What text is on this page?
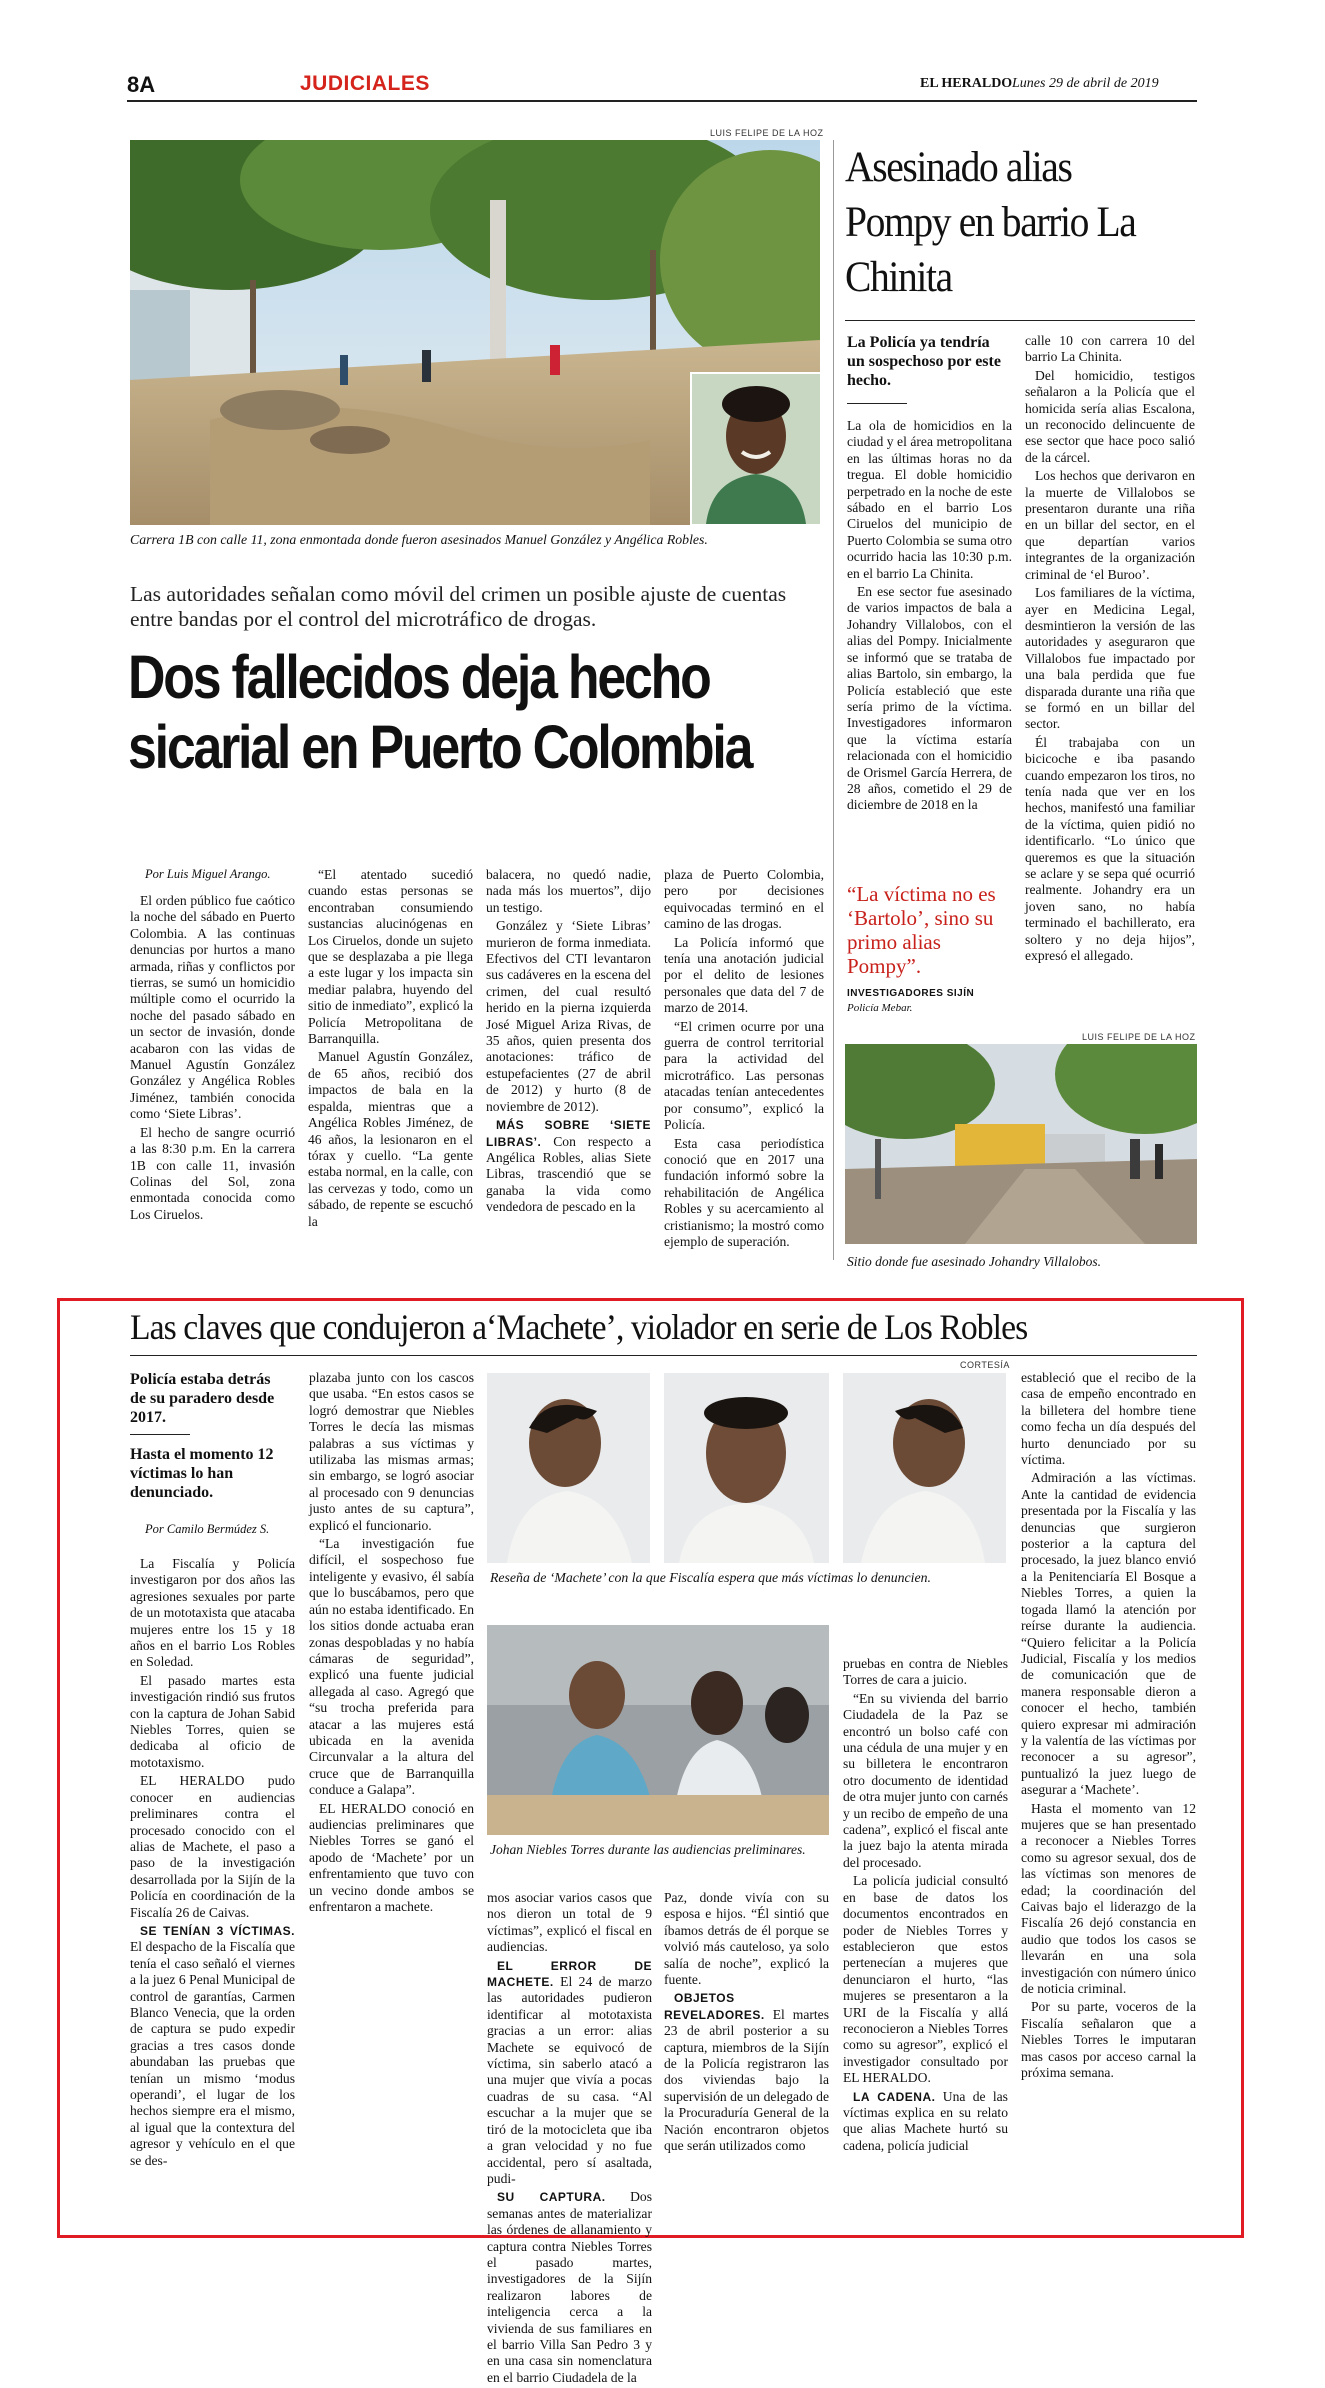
8A	JUDICIALES	EL HERALDO Lunes 29 de abril de 2019
LUIS FELIPE DE LA HOZ
Carrera 1B con calle 11, zona enmontada donde fueron asesinados Manuel González y Angélica Robles.
Las autoridades señalan como móvil del crimen un posible ajuste de cuentas entre bandas por el control del microtráfico de drogas.
Dos fallecidos deja hecho
sicarial en Puerto Colombia
Por Luis Miguel Arango.

El orden público fue caótico la noche del sábado en Puerto Colombia. A las continuas denuncias por hurtos a mano armada, riñas y conflictos por tierras, se sumó un homicidio múltiple como el ocurrido la noche del pasado sábado en un sector de invasión, donde acabaron con las vidas de Manuel Agustín González González y Angélica Robles Jiménez, también conocida como ‘Siete Libras’.

El hecho de sangre ocurrió a las 8:30 p.m. En la carrera 1B con calle 11, invasión Colinas del Sol, zona enmontada conocida como Los Ciruelos.

“El atentado sucedió cuando estas personas se encontraban consumiendo sustancias alucinógenas en Los Ciruelos, donde un sujeto que se desplazaba a pie llega a este lugar y los impacta sin mediar palabra, huyendo del sitio de inmediato”, explicó la Policía Metropolitana de Barranquilla.

Manuel Agustín González, de 65 años, recibió dos impactos de bala en la espalda, mientras que a Angélica Robles Jiménez, de 46 años, la lesionaron en el tórax y cuello. “La gente estaba normal, en la calle, con las cervezas y todo, como un sábado, de repente se escuchó la

balacera, no quedó nadie, nada más los muertos”, dijo un testigo.

González y ‘Siete Libras’ murieron de forma inmediata. Efectivos del CTI levantaron sus cadáveres en la escena del crimen, del cual resultó herido en la pierna izquierda José Miguel Ariza Rivas, de 35 años, quien presenta dos anotaciones: tráfico de estupefacientes (27 de abril de 2012) y hurto (8 de noviembre de 2012).

MÁS SOBRE ‘SIETE LIBRAS’. Con respecto a Angélica Robles, alias Siete Libras, trascendió que se ganaba la vida como vendedora de pescado en la

plaza de Puerto Colombia, pero por decisiones equivocadas terminó en el camino de las drogas.

La Policía informó que tenía una anotación judicial por el delito de lesiones personales que data del 7 de marzo de 2014.

“El crimen ocurre por una guerra de control territorial para la actividad del microtráfico. Las personas atacadas tenían antecedentes por consumo”, explicó la Policía.

Esta casa periodística conoció que en 2017 una fundación informó sobre la rehabilitación de Angélica Robles y su acercamiento al cristianismo; la mostró como ejemplo de superación.

Asesinado alias Pompy en barrio La Chinita
La Policía ya tendría un sospechoso por este hecho.

La ola de homicidios en la ciudad y el área metropolitana en las últimas horas no da tregua. El doble homicidio perpetrado en la noche de este sábado en el barrio Los Ciruelos del municipio de Puerto Colombia se suma otro ocurrido hacia las 10:30 p.m. en el barrio La Chinita.

En ese sector fue asesinado de varios impactos de bala a Johandry Villalobos, con el alias del Pompy. Inicialmente se informó que se trataba de alias Bartolo, sin embargo, la Policía estableció que este sería primo de la víctima. Investigadores informaron que la víctima estaría relacionada con el homicidio de Orismel García Herrera, de 28 años, cometido el 29 de diciembre de 2018 en la

“La víctima no es ‘Bartolo’, sino su primo alias Pompy”.
INVESTIGADORES SIJÍN
Policía Mebar.

calle 10 con carrera 10 del barrio La Chinita.

Del homicidio, testigos señalaron a la Policía que el homicida sería alias Escalona, un reconocido delincuente de ese sector que hace poco salió de la cárcel.

Los hechos que derivaron en la muerte de Villalobos se presentaron durante una riña en un billar del sector, en el que departían varios integrantes de la organización criminal de ‘el Buroo’.

Los familiares de la víctima, ayer en Medicina Legal, desmintieron la versión de las autoridades y aseguraron que Villalobos fue impactado por una bala perdida que fue disparada durante una riña que se formó en un billar del sector.

Él trabajaba con un bicicoche e iba pasando cuando empezaron los tiros, no tenía nada que ver en los hechos, manifestó una familiar de la víctima, quien pidió no identificarlo. “Lo único que queremos es que la situación se aclare y se sepa qué ocurrió realmente. Johandry era un joven sano, no había terminado el bachillerato, era soltero y no deja hijos”, expresó el allegado.

LUIS FELIPE DE LA HOZ
Sitio donde fue asesinado Johandry Villalobos.
Las claves que condujeron a‘Machete’, violador en serie de Los Robles
Policía estaba detrás de su paradero desde 2017.
Hasta el momento 12 víctimas lo han denunciado.
Por Camilo Bermúdez S.

La Fiscalía y Policía investigaron por dos años las agresiones sexuales por parte de un mototaxista que atacaba mujeres entre los 15 y 18 años en el barrio Los Robles en Soledad.

El pasado martes esta investigación rindió sus frutos con la captura de Johan Sabid Niebles Torres, quien se dedicaba al oficio de mototaxismo.

EL HERALDO pudo conocer en audiencias preliminares contra el procesado conocido con el alias de Machete, el paso a paso de la investigación desarrollada por la Sijín de la Policía en coordinación de la Fiscalía 26 de Caivas.

SE TENÍAN 3 VÍCTIMAS. El despacho de la Fiscalía que tenía el caso señaló el viernes a la juez 6 Penal Municipal de control de garantías, Carmen Blanco Venecia, que la orden de captura se pudo expedir gracias a tres casos donde abundaban las pruebas que tenían un mismo ‘modus operandi’, el lugar de los hechos siempre era el mismo, al igual que la contextura del agresor y vehículo en el que se des-

plazaba junto con los cascos que usaba. “En estos casos se logró demostrar que Niebles Torres le decía las mismas palabras a sus víctimas y utilizaba las mismas armas; sin embargo, se logró asociar al procesado con 9 denuncias justo antes de su captura”, explicó el funcionario.

“La investigación fue difícil, el sospechoso fue inteligente y evasivo, él sabía que lo buscábamos, pero que aún no estaba identificado. En los sitios donde actuaba eran zonas despobladas y no había cámaras de seguridad”, explicó una fuente judicial allegada al caso. Agregó que “su trocha preferida para atacar a las mujeres está ubicada en la avenida Circunvalar a la altura del cruce que de Barranquilla conduce a Galapa”.

EL HERALDO conoció en audiencias preliminares que Niebles Torres se ganó el apodo de ‘Machete’ por un enfrentamiento que tuvo con un vecino donde ambos se enfrentaron a machete.

CORTESÍA
Reseña de ‘Machete’ con la que Fiscalía espera que más víctimas lo denuncien.
Johan Niebles Torres durante las audiencias preliminares.

mos asociar varios casos que nos dieron un total de 9 víctimas”, explicó el fiscal en audiencias.

EL ERROR DE MACHETE. El 24 de marzo las autoridades pudieron identificar al mototaxista gracias a un error: alias Machete se equivocó de víctima, sin saberlo atacó a una mujer que vivía a pocas cuadras de su casa. “Al escuchar a la mujer que se tiró de la motocicleta que iba a gran velocidad y no fue accidental, pero sí asaltada, pudi-

SU CAPTURA. Dos semanas antes de materializar las órdenes de allanamiento y captura contra Niebles Torres el pasado martes, investigadores de la Sijín realizaron labores de inteligencia cerca a la vivienda de sus familiares en el barrio Villa San Pedro 3 y en una casa sin nomenclatura en el barrio Ciudadela de la

Paz, donde vivía con su esposa e hijos. “Él sintió que íbamos detrás de él porque se volvió más cauteloso, ya solo salía de noche”, explicó la fuente.

OBJETOS REVELADORES. El martes 23 de abril posterior a su captura, miembros de la Sijín de la Policía registraron las dos viviendas bajo la supervisión de un delegado de la Procuraduría General de la Nación encontraron objetos que serán utilizados como

pruebas en contra de Niebles Torres de cara a juicio.

“En su vivienda del barrio Ciudadela de la Paz se encontró un bolso café con una cédula de una mujer y en su billetera le encontraron otro documento de identidad de otra mujer junto con carnés y un recibo de empeño de una cadena”, explicó el fiscal ante la juez bajo la atenta mirada del procesado.

La policía judicial consultó en base de datos los documentos encontrados en poder de Niebles Torres y establecieron que estos pertenecían a mujeres que denunciaron el hurto, “las mujeres se presentaron a la URI de la Fiscalía y allá reconocieron a Niebles Torres como su agresor”, explicó el investigador consultado por EL HERALDO.

LA CADENA. Una de las víctimas explica en su relato que alias Machete hurtó su cadena, policía judicial

estableció que el recibo de la casa de empeño encontrado en la billetera del hombre tiene como fecha un día después del hurto denunciado por su víctima.

Admiración a las víctimas. Ante la cantidad de evidencia presentada por la Fiscalía y las denuncias que surgieron posterior a la captura del procesado, la juez blanco envió a la Penitenciaría El Bosque a Niebles Torres, a quien la togada llamó la atención por reírse durante la audiencia. “Quiero felicitar a la Policía Judicial, Fiscalía y los medios de comunicación que de manera responsable dieron a conocer el hecho, también quiero expresar mi admiración y la valentía de las víctimas por reconocer a su agresor”, puntualizó la juez luego de asegurar a ‘Machete’.

Hasta el momento van 12 mujeres que se han presentado a reconocer a Niebles Torres como su agresor sexual, dos de las víctimas son menores de edad; la coordinación del Caivas bajo el liderazgo de la Fiscalía 26 dejó constancia en audio que todos los casos se llevarán en una sola investigación con número único de noticia criminal.

Por su parte, voceros de la Fiscalía señalaron que a Niebles Torres le imputaran mas casos por acceso carnal la próxima semana.
